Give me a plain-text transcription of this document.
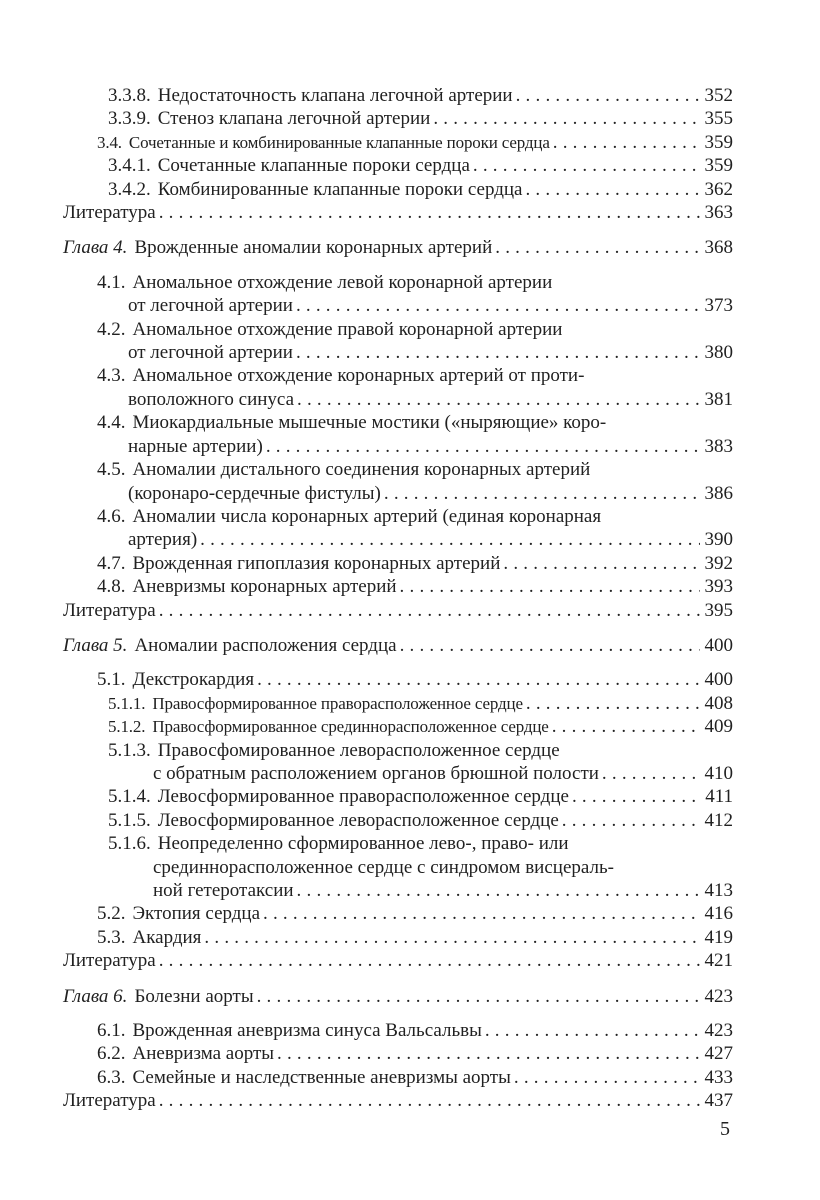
3.3.8. Недостаточность клапана легочной артерии .....	352
3.3.9. Стеноз клапана легочной артерии .....	355
3.4. Сочетанные и комбинированные клапанные пороки сердца .....	359
3.4.1. Сочетанные клапанные пороки сердца .....	359
3.4.2. Комбинированные клапанные пороки сердца .....	362
Литература .....	363
Глава 4. Врожденные аномалии коронарных артерий .....	368
4.1. Аномальное отхождение левой коронарной артерии
от легочной артерии .....	373
4.2. Аномальное отхождение правой коронарной артерии
от легочной артерии .....	380
4.3. Аномальное отхождение коронарных артерий от проти-
воположного синуса .....	381
4.4. Миокардиальные мышечные мостики («ныряющие» коро-
нарные артерии) .....	383
4.5. Аномалии дистального соединения коронарных артерий
(коронаро-сердечные фистулы) .....	386
4.6. Аномалии числа коронарных артерий (единая коронарная
артерия) .....	390
4.7. Врожденная гипоплазия коронарных артерий .....	392
4.8. Аневризмы коронарных артерий .....	393
Литература .....	395
Глава 5. Аномалии расположения сердца .....	400
5.1. Декстрокардия .....	400
5.1.1. Правосформированное праворасположенное сердце .....	408
5.1.2. Правосформированное срединнорасположенное сердце .....	409
5.1.3. Правосфомированное леворасположенное сердце
с обратным расположением органов брюшной полости .....	410
5.1.4. Левосформированное праворасположенное сердце .....	411
5.1.5. Левосформированное леворасположенное сердце .....	412
5.1.6. Неопределенно сформированное лево-, право- или
срединнорасположенное сердце с синдромом висцераль-
ной гетеротаксии .....	413
5.2. Эктопия сердца .....	416
5.3. Акардия .....	419
Литература .....	421
Глава 6. Болезни аорты .....	423
6.1. Врожденная аневризма синуса Вальсальвы .....	423
6.2. Аневризма аорты .....	427
6.3. Семейные и наследственные аневризмы аорты .....	433
Литература .....	437
5
